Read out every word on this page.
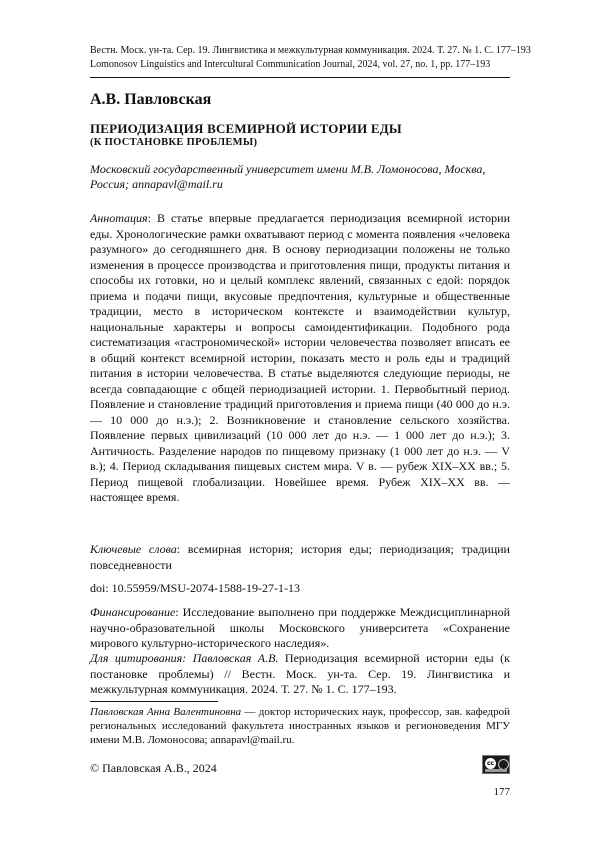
Вестн. Моск. ун-та. Сер. 19. Лингвистика и межкультурная коммуникация. 2024. Т. 27. № 1. С. 177–193
Lomonosov Linguistics and Intercultural Communication Journal, 2024, vol. 27, no. 1, pp. 177–193
А.В. Павловская
ПЕРИОДИЗАЦИЯ ВСЕМИРНОЙ ИСТОРИИ ЕДЫ
(К ПОСТАНОВКЕ ПРОБЛЕМЫ)
Московский государственный университет имени М.В. Ломоносова, Москва, Россия; annapavl@mail.ru
Аннотация: В статье впервые предлагается периодизация всемирной истории еды. Хронологические рамки охватывают период с момента появления «человека разумного» до сегодняшнего дня. В основу периодизации положены не только изменения в процессе производства и приготовления пищи, продукты питания и способы их готовки, но и целый комплекс явлений, связанных с едой: порядок приема и подачи пищи, вкусовые предпочтения, культурные и общественные традиции, место в историческом контексте и взаимодействии культур, национальные характеры и вопросы самоидентификации. Подобного рода систематизация «гастрономической» истории человечества позволяет вписать ее в общий контекст всемирной истории, показать место и роль еды и традиций питания в истории человечества. В статье выделяются следующие периоды, не всегда совпадающие с общей периодизацией истории. 1. Первобытный период. Появление и становление традиций приготовления и приема пищи (40 000 до н.э. — 10 000 до н.э.); 2. Возникновение и становление сельского хозяйства. Появление первых цивилизаций (10 000 лет до н.э. — 1 000 лет до н.э.); 3. Античность. Разделение народов по пищевому признаку (1 000 лет до н.э. — V в.); 4. Период складывания пищевых систем мира. V в. — рубеж XIX–XX вв.; 5. Период пищевой глобализации. Новейшее время. Рубеж XIX–XX вв. — настоящее время.
Ключевые слова: всемирная история; история еды; периодизация; традиции повседневности
doi: 10.55959/MSU-2074-1588-19-27-1-13
Финансирование: Исследование выполнено при поддержке Междисциплинарной научно-образовательной школы Московского университета «Сохранение мирового культурно-исторического наследия».
Для цитирования: Павловская А.В. Периодизация всемирной истории еды (к постановке проблемы) // Вестн. Моск. ун-та. Сер. 19. Лингвистика и межкультурная коммуникация. 2024. Т. 27. № 1. С. 177–193.
Павловская Анна Валентиновна — доктор исторических наук, профессор, зав. кафедрой региональных исследований факультета иностранных языков и регионоведения МГУ имени М.В. Ломоносова; annapavl@mail.ru.
© Павловская А.В., 2024	cc
177
